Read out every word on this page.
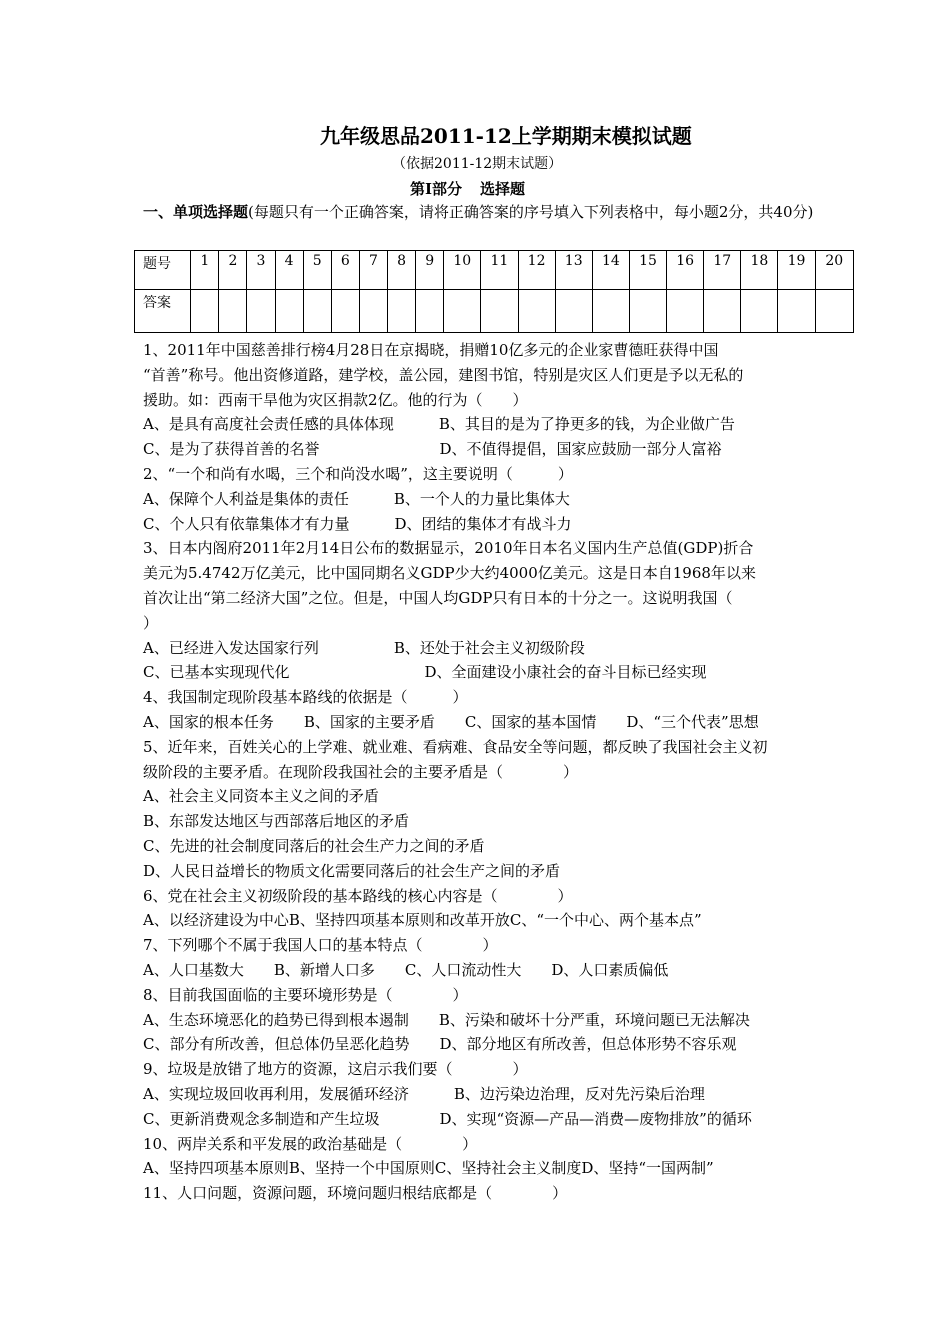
九年级思品2011-12上学期期末模拟试题
（依据2011-12期末试题）
第Ⅰ部分 选择题
一、单项选择题(每题只有一个正确答案，请将正确答案的序号填入下列表格中，每小题2分，共40分)
题号	1	2	3	4	5	6	7	8	9	10	11	12	13	14	15	16	17	18	19	20
答案																				
1、2011年中国慈善排行榜4月28日在京揭晓，捐赠10亿多元的企业家曹德旺获得中国
“首善”称号。他出资修道路，建学校，盖公园，建图书馆，特别是灾区人们更是予以无私的
援助。如：西南干旱他为灾区捐款2亿。他的行为（　　）
A、是具有高度社会责任感的具体体现　　　B、其目的是为了挣更多的钱，为企业做广告
C、是为了获得首善的名誉　　　　　　　　D、不值得提倡，国家应鼓励一部分人富裕
2、“一个和尚有水喝，三个和尚没水喝”，这主要说明（　　　）
A、保障个人利益是集体的责任　　　B、一个人的力量比集体大
C、个人只有依靠集体才有力量　　　D、团结的集体才有战斗力
3、日本内阁府2011年2月14日公布的数据显示，2010年日本名义国内生产总值(GDP)折合
美元为5.4742万亿美元，比中国同期名义GDP少大约4000亿美元。这是日本自1968年以来
首次让出“第二经济大国”之位。但是，中国人均GDP只有日本的十分之一。这说明我国（
）
A、已经进入发达国家行列　　　　　B、还处于社会主义初级阶段
C、已基本实现现代化　　　　　　　　　D、全面建设小康社会的奋斗目标已经实现
4、我国制定现阶段基本路线的依据是（　　　）
A、国家的根本任务　　B、国家的主要矛盾　　C、国家的基本国情　　D、“三个代表”思想
5、近年来，百姓关心的上学难、就业难、看病难、食品安全等问题，都反映了我国社会主义初
级阶段的主要矛盾。在现阶段我国社会的主要矛盾是（　　　　）
A、社会主义同资本主义之间的矛盾
B、东部发达地区与西部落后地区的矛盾
C、先进的社会制度同落后的社会生产力之间的矛盾
D、人民日益增长的物质文化需要同落后的社会生产之间的矛盾
6、党在社会主义初级阶段的基本路线的核心内容是（　　　　）
A、以经济建设为中心B、坚持四项基本原则和改革开放C、“一个中心、两个基本点”
7、下列哪个不属于我国人口的基本特点（　　　　）
A、人口基数大　　B、新增人口多　　C、人口流动性大　　D、人口素质偏低
8、目前我国面临的主要环境形势是（　　　　）
A、生态环境恶化的趋势已得到根本遏制　　B、污染和破坏十分严重，环境问题已无法解决
C、部分有所改善，但总体仍呈恶化趋势　　D、部分地区有所改善，但总体形势不容乐观
9、垃圾是放错了地方的资源，这启示我们要（　　　　）
A、实现垃圾回收再利用，发展循环经济　　　B、边污染边治理，反对先污染后治理
C、更新消费观念多制造和产生垃圾　　　　D、实现“资源—产品—消费—废物排放”的循环
10、两岸关系和平发展的政治基础是（　　　　）
A、坚持四项基本原则B、坚持一个中国原则C、坚持社会主义制度D、坚持“一国两制”
11、人口问题，资源问题，环境问题归根结底都是（　　　　）
